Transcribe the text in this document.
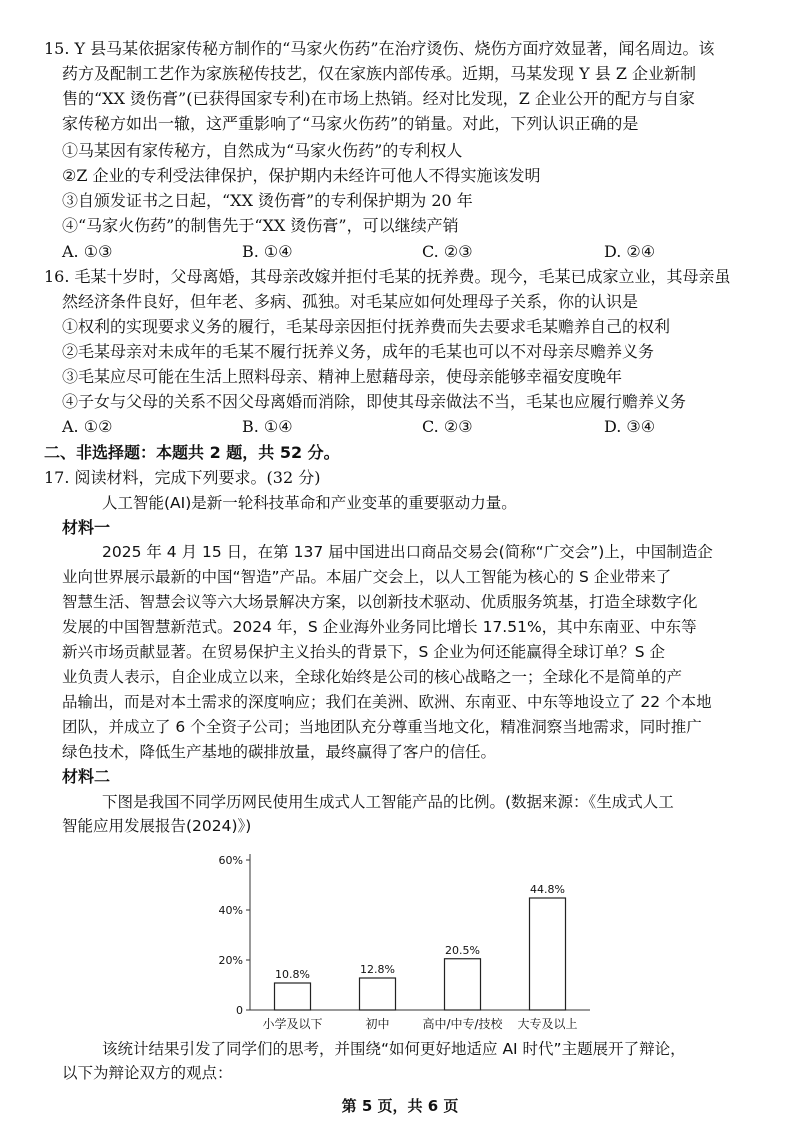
15. Y 县马某依据家传秘方制作的“马家火伤药”在治疗烫伤、烧伤方面疗效显著，闻名周边。该
药方及配制工艺作为家族秘传技艺，仅在家族内部传承。近期，马某发现 Y 县 Z 企业新制
售的“XX 烫伤膏”(已获得国家专利)在市场上热销。经对比发现，Z 企业公开的配方与自家
家传秘方如出一辙，这严重影响了“马家火伤药”的销量。对此，下列认识正确的是
①马某因有家传秘方，自然成为“马家火伤药”的专利权人
②Z 企业的专利受法律保护，保护期内未经许可他人不得实施该发明
③自颁发证书之日起，“XX 烫伤膏”的专利保护期为 20 年
④“马家火伤药”的制售先于“XX 烫伤膏”，可以继续产销
A. ①③	B. ①④	C. ②③	D. ②④
16. 毛某十岁时，父母离婚，其母亲改嫁并拒付毛某的抚养费。现今，毛某已成家立业，其母亲虽
然经济条件良好，但年老、多病、孤独。对毛某应如何处理母子关系，你的认识是
①权利的实现要求义务的履行，毛某母亲因拒付抚养费而失去要求毛某赡养自己的权利
②毛某母亲对未成年的毛某不履行抚养义务，成年的毛某也可以不对母亲尽赡养义务
③毛某应尽可能在生活上照料母亲、精神上慰藉母亲，使母亲能够幸福安度晚年
④子女与父母的关系不因父母离婚而消除，即使其母亲做法不当，毛某也应履行赡养义务
A. ①②	B. ①④	C. ②③	D. ③④
二、非选择题：本题共 2 题，共 52 分。
17. 阅读材料，完成下列要求。(32 分)
人工智能(AI)是新一轮科技革命和产业变革的重要驱动力量。
材料一
2025 年 4 月 15 日，在第 137 届中国进出口商品交易会(简称“广交会”)上，中国制造企
业向世界展示最新的中国“智造”产品。本届广交会上，以人工智能为核心的 S 企业带来了
智慧生活、智慧会议等六大场景解决方案，以创新技术驱动、优质服务筑基，打造全球数字化
发展的中国智慧新范式。2024 年，S 企业海外业务同比增长 17.51%，其中东南亚、中东等
新兴市场贡献显著。在贸易保护主义抬头的背景下，S 企业为何还能赢得全球订单？S 企
业负责人表示，自企业成立以来，全球化始终是公司的核心战略之一；全球化不是简单的产
品输出，而是对本土需求的深度响应；我们在美洲、欧洲、东南亚、中东等地设立了 22 个本地
团队，并成立了 6 个全资子公司；当地团队充分尊重当地文化，精准洞察当地需求，同时推广
绿色技术，降低生产基地的碳排放量，最终赢得了客户的信任。
材料二
下图是我国不同学历网民使用生成式人工智能产品的比例。(数据来源：《生成式人工
智能应用发展报告(2024)》)
0
20%
40%
60%
10.8%
小学及以下
12.8%
初中
20.5%
高中/中专/技校
44.8%
大专及以上
该统计结果引发了同学们的思考，并围绕“如何更好地适应 AI 时代”主题展开了辩论，
以下为辩论双方的观点：
第 5 页，共 6 页
